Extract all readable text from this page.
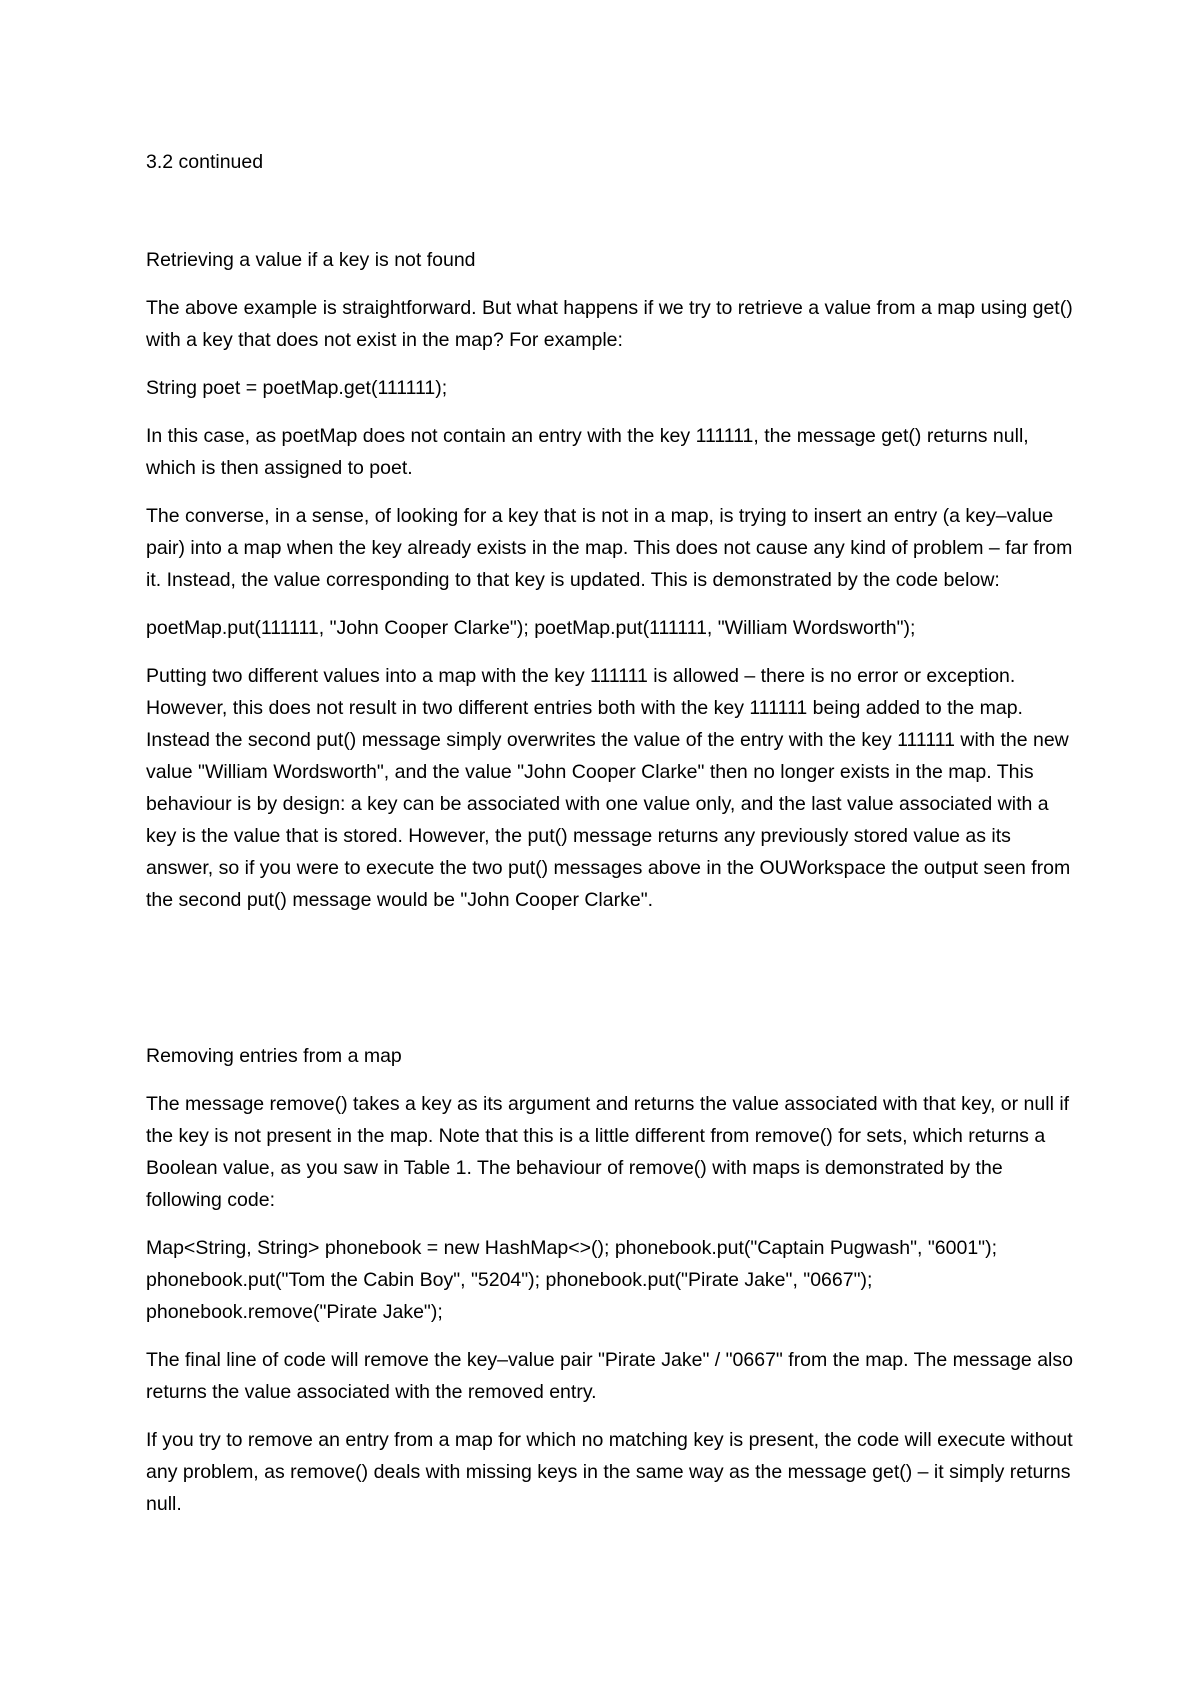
3.2 continued

Retrieving a value if a key is not found

The above example is straightforward. But what happens if we try to retrieve a value from a map using get() with a key that does not exist in the map? For example:

String poet = poetMap.get(111111);

In this case, as poetMap does not contain an entry with the key 111111, the message get() returns null, which is then assigned to poet.

The converse, in a sense, of looking for a key that is not in a map, is trying to insert an entry (a key–value pair) into a map when the key already exists in the map. This does not cause any kind of problem – far from it. Instead, the value corresponding to that key is updated. This is demonstrated by the code below:

poetMap.put(111111, "John Cooper Clarke"); poetMap.put(111111, "William Wordsworth");

Putting two different values into a map with the key 111111 is allowed – there is no error or exception. However, this does not result in two different entries both with the key 111111 being added to the map. Instead the second put() message simply overwrites the value of the entry with the key 111111 with the new value "William Wordsworth", and the value "John Cooper Clarke" then no longer exists in the map. This behaviour is by design: a key can be associated with one value only, and the last value associated with a key is the value that is stored. However, the put() message returns any previously stored value as its answer, so if you were to execute the two put() messages above in the OUWorkspace the output seen from the second put() message would be "John Cooper Clarke".

Removing entries from a map

The message remove() takes a key as its argument and returns the value associated with that key, or null if the key is not present in the map. Note that this is a little different from remove() for sets, which returns a Boolean value, as you saw in Table 1. The behaviour of remove() with maps is demonstrated by the following code:

Map<String, String> phonebook = new HashMap<>(); phonebook.put("Captain Pugwash", "6001"); phonebook.put("Tom the Cabin Boy", "5204"); phonebook.put("Pirate Jake", "0667"); phonebook.remove("Pirate Jake");

The final line of code will remove the key–value pair "Pirate Jake" / "0667" from the map. The message also returns the value associated with the removed entry.

If you try to remove an entry from a map for which no matching key is present, the code will execute without any problem, as remove() deals with missing keys in the same way as the message get() – it simply returns null.
